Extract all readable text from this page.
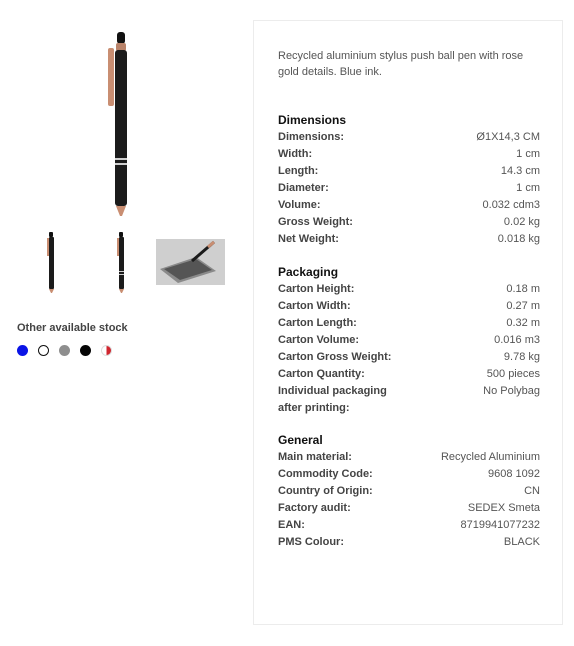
Other available stock
Recycled aluminium stylus push ball pen with rose gold details. Blue ink.
Dimensions
Dimensions:	Ø1X14,3 CM
Width:	1 cm
Length:	14.3 cm
Diameter:	1 cm
Volume:	0.032 cdm3
Gross Weight:	0.02 kg
Net Weight:	0.018 kg
Packaging
Carton Height:	0.18 m
Carton Width:	0.27 m
Carton Length:	0.32 m
Carton Volume:	0.016 m3
Carton Gross Weight:	9.78 kg
Carton Quantity:	500 pieces
Individual packaging after printing:
No Polybag
General
Main material:	Recycled Aluminium
Commodity Code:	9608 1092
Country of Origin:	CN
Factory audit:	SEDEX Smeta
EAN:	8719941077232
PMS Colour:	BLACK
